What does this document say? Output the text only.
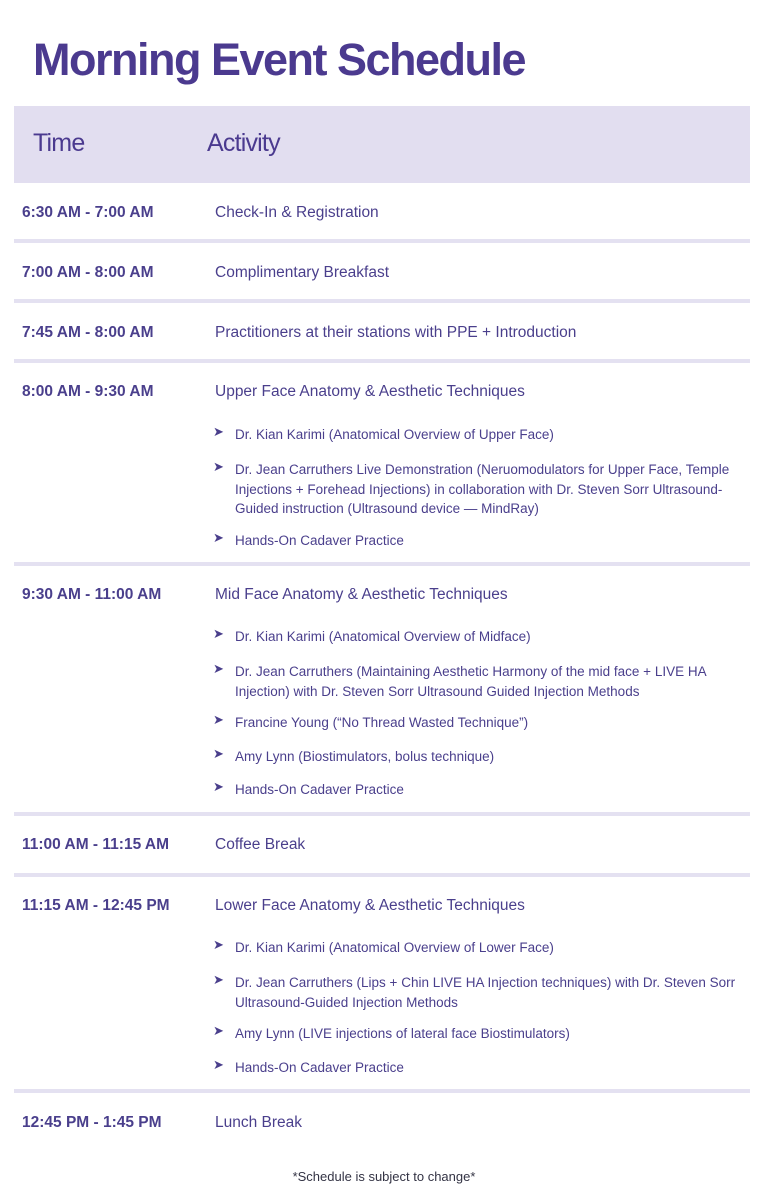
Morning Event Schedule
Time	Activity
6:30 AM - 7:00 AM	Check-In & Registration
7:00 AM - 8:00 AM	Complimentary Breakfast
7:45 AM - 8:00 AM	Practitioners at their stations with PPE + Introduction
8:00 AM - 9:30 AM	Upper Face Anatomy & Aesthetic Techniques
➤ Dr. Kian Karimi (Anatomical Overview of Upper Face)
➤ Dr. Jean Carruthers Live Demonstration (Neruomodulators for Upper Face, Temple Injections + Forehead Injections) in collaboration with Dr. Steven Sorr Ultrasound-Guided instruction (Ultrasound device — MindRay)
➤ Hands-On Cadaver Practice
9:30 AM - 11:00 AM	Mid Face Anatomy & Aesthetic Techniques
➤ Dr. Kian Karimi (Anatomical Overview of Midface)
➤ Dr. Jean Carruthers (Maintaining Aesthetic Harmony of the mid face + LIVE HA Injection) with Dr. Steven Sorr Ultrasound Guided Injection Methods
➤ Francine Young (“No Thread Wasted Technique”)
➤ Amy Lynn (Biostimulators, bolus technique)
➤ Hands-On Cadaver Practice
11:00 AM - 11:15 AM	Coffee Break
11:15 AM - 12:45 PM	Lower Face Anatomy & Aesthetic Techniques
➤ Dr. Kian Karimi (Anatomical Overview of Lower Face)
➤ Dr. Jean Carruthers (Lips + Chin LIVE HA Injection techniques) with Dr. Steven Sorr Ultrasound-Guided Injection Methods
➤ Amy Lynn (LIVE injections of lateral face Biostimulators)
➤ Hands-On Cadaver Practice
12:45 PM - 1:45 PM	Lunch Break
*Schedule is subject to change*
